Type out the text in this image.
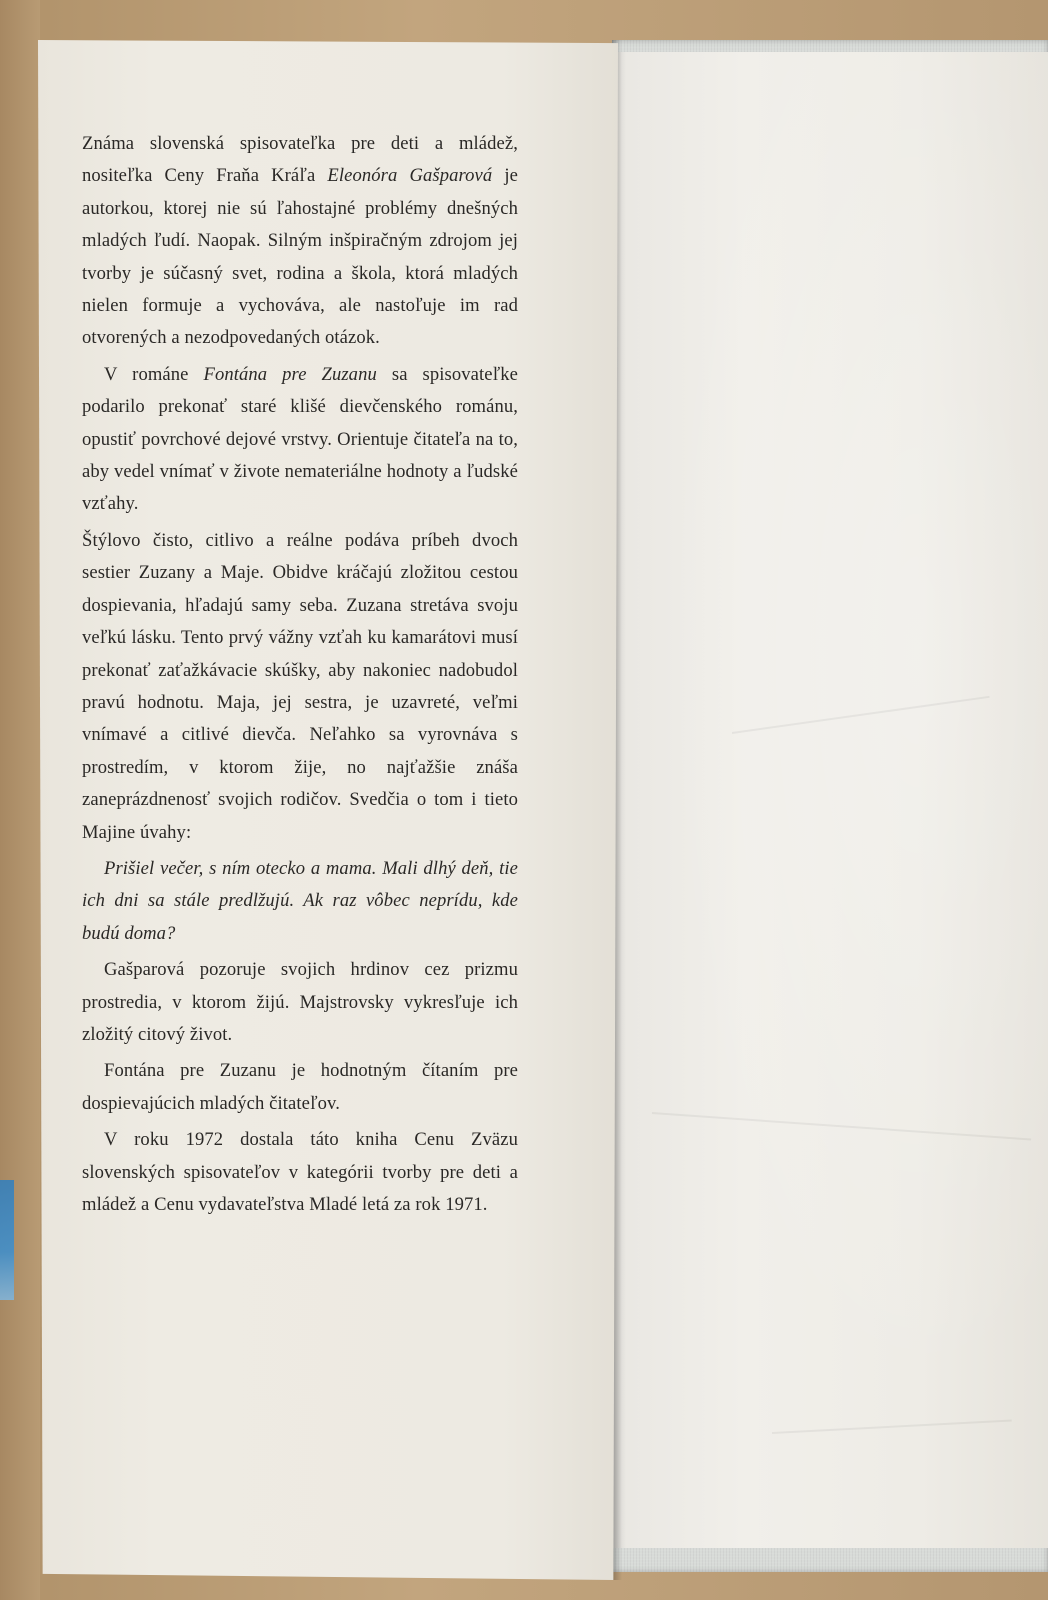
Známa slovenská spisovateľka pre deti a mládež, nositeľka Ceny Fraňa Kráľa Eleonóra Gašparová je autorkou, ktorej nie sú ľahostajné problémy dnešných mladých ľudí. Naopak. Silným inšpiračným zdrojom jej tvorby je súčasný svet, rodina a škola, ktorá mladých nielen formuje a vychováva, ale nastoľuje im rad otvorených a nezodpovedaných otázok.

V románe Fontána pre Zuzanu sa spisovateľke podarilo prekonať staré klišé dievčenského románu, opustiť povrchové dejové vrstvy. Orientuje čitateľa na to, aby vedel vnímať v živote nemateriálne hodnoty a ľudské vzťahy.

Štýlovo čisto, citlivo a reálne podáva príbeh dvoch sestier Zuzany a Maje. Obidve kráčajú zložitou cestou dospievania, hľadajú samy seba. Zuzana stretáva svoju veľkú lásku. Tento prvý vážny vzťah ku kamarátovi musí prekonať zaťažkávacie skúšky, aby nakoniec nadobudol pravú hodnotu. Maja, jej sestra, je uzavreté, veľmi vnímavé a citlivé dievča. Neľahko sa vyrovnáva s prostredím, v ktorom žije, no najťažšie znáša zaneprázdnenosť svojich rodičov. Svedčia o tom i tieto Majine úvahy:

Prišiel večer, s ním otecko a mama. Mali dlhý deň, tie ich dni sa stále predlžujú. Ak raz vôbec neprídu, kde budú doma?

Gašparová pozoruje svojich hrdinov cez prizmu prostredia, v ktorom žijú. Majstrovsky vykresľuje ich zložitý citový život.

Fontána pre Zuzanu je hodnotným čítaním pre dospievajúcich mladých čitateľov.

V roku 1972 dostala táto kniha Cenu Zväzu slovenských spisovateľov v kategórii tvorby pre deti a mládež a Cenu vydavateľstva Mladé letá za rok 1971.
